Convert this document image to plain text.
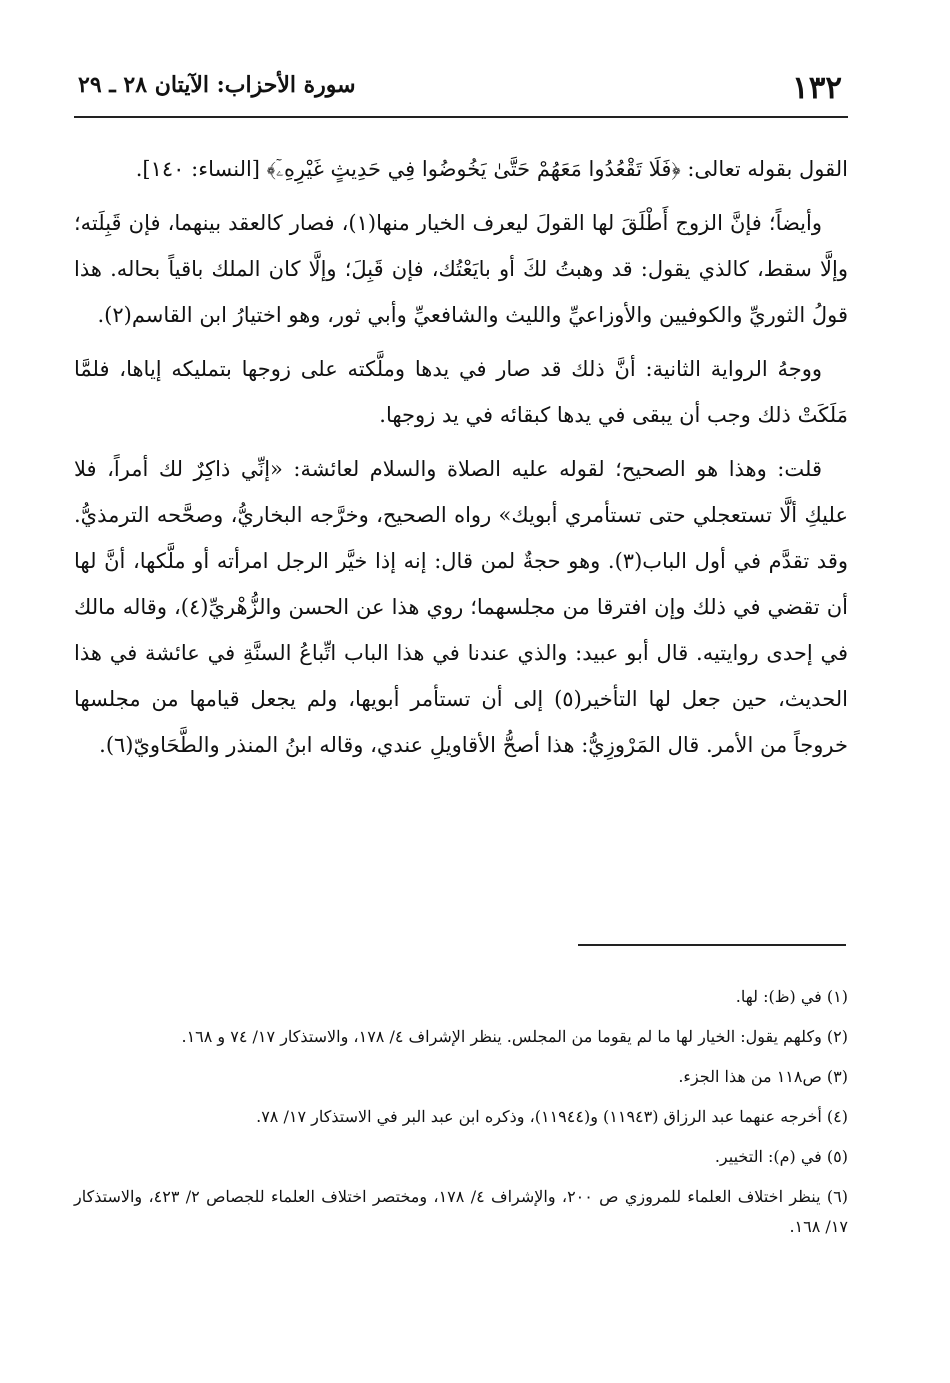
١٣٢
سورة الأحزاب: الآيتان ٢٨ ـ ٢٩

القول بقوله تعالى: ﴿فَلَا تَقْعُدُوا مَعَهُمْ حَتَّىٰ يَخُوضُوا فِي حَدِيثٍ غَيْرِهِۦٓ﴾ [النساء: ١٤٠].

وأيضاً؛ فإنَّ الزوج أَطْلَقَ لها القولَ ليعرف الخيار منها(١)، فصار كالعقد بينهما، فإن قَبِلَته؛ وإلَّا سقط، كالذي يقول: قد وهبتُ لكَ أو بايَعْتُك، فإن قَبِلَ؛ وإلَّا كان الملك باقياً بحاله. هذا قولُ الثوريِّ والكوفيين والأوزاعيِّ والليث والشافعيِّ وأبي ثور، وهو اختيارُ ابن القاسم(٢).

ووجهُ الرواية الثانية: أنَّ ذلك قد صار في يدها وملَّكته على زوجها بتمليكه إياها، فلمَّا مَلَكَتْ ذلك وجب أن يبقى في يدها كبقائه في يد زوجها.

قلت: وهذا هو الصحيح؛ لقوله عليه الصلاة والسلام لعائشة: «إنِّي ذاكِرٌ لك أمراً، فلا عليكِ ألَّا تستعجلي حتى تستأمري أبويك» رواه الصحيح، وخرَّجه البخاريُّ، وصحَّحه الترمذيُّ. وقد تقدَّم في أول الباب(٣). وهو حجةٌ لمن قال: إنه إذا خيَّر الرجل امرأته أو ملَّكها، أنَّ لها أن تقضي في ذلك وإن افترقا من مجلسهما؛ روي هذا عن الحسن والزُّهْريِّ(٤)، وقاله مالك في إحدى روايتيه. قال أبو عبيد: والذي عندنا في هذا الباب اتِّباعُ السنَّةِ في عائشة في هذا الحديث، حين جعل لها التأخير(٥) إلى أن تستأمر أبويها، ولم يجعل قيامها من مجلسها خروجاً من الأمر. قال المَرْوزِيُّ: هذا أصحُّ الأقاويلِ عندي، وقاله ابنُ المنذر والطَّحَاويّ(٦).

(١) في (ظ): لها.

(٢) وكلهم يقول: الخيار لها ما لم يقوما من المجلس. ينظر الإشراف ٤/ ١٧٨، والاستذكار ١٧/ ٧٤ و ١٦٨.

(٣) ص١١٨ من هذا الجزء.

(٤) أخرجه عنهما عبد الرزاق (١١٩٤٣) و(١١٩٤٤)، وذكره ابن عبد البر في الاستذكار ١٧/ ٧٨.

(٥) في (م): التخيير.

(٦) ينظر اختلاف العلماء للمروزي ص ٢٠٠، والإشراف ٤/ ١٧٨، ومختصر اختلاف العلماء للجصاص ٢/ ٤٢٣، والاستذكار ١٧/ ١٦٨.
